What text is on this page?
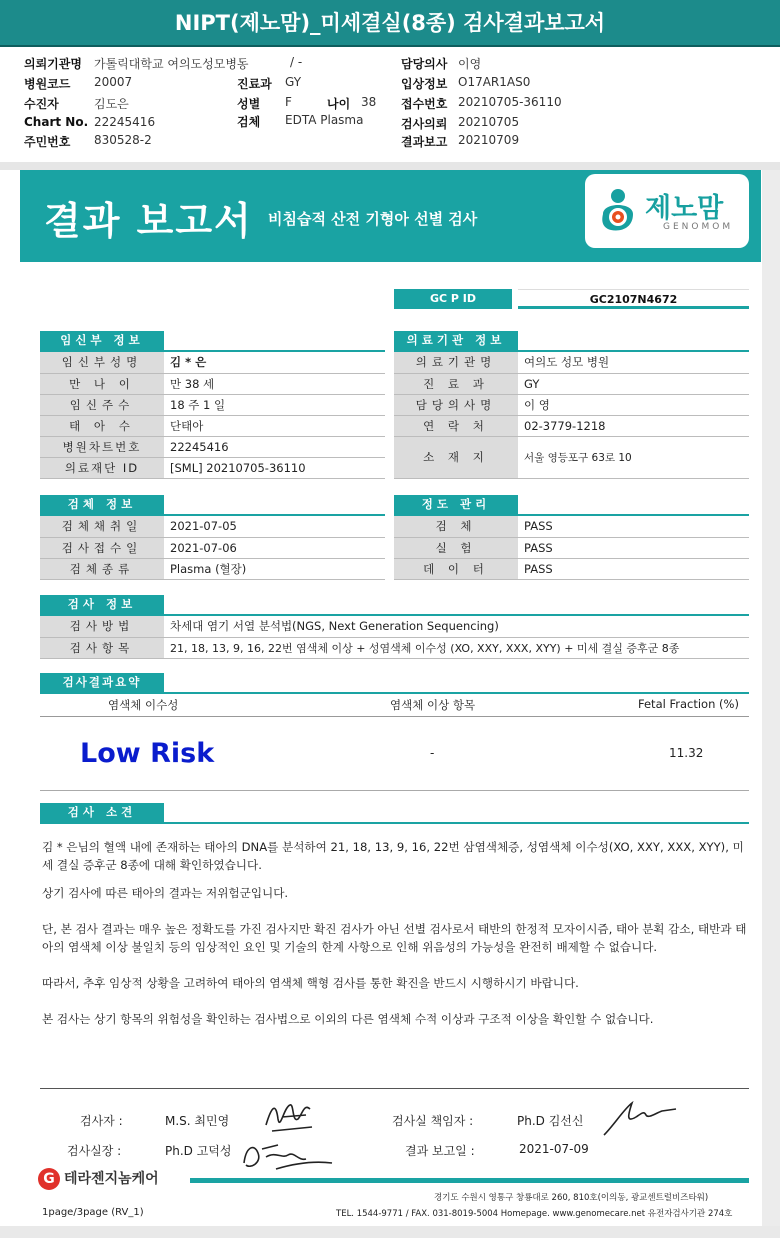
NIPT(제노맘)_미세결실(8종) 검사결과보고서
의뢰기관명 가톨릭대학교 여의도성모병동	/ -	담당의사 이영
병원코드 20007	진료과 GY	입상정보 O17AR1AS0
수진자	김도은	성별 F	나이 38 접수번호 20210705-36110
Chart No. 22245416	검체 EDTA Plasma	검사의뢰 20210705
주민번호 830528-2	결과보고 20210709
결과 보고서 비침습적 산전 기형아 선별 검사	제노맘
GENOMOM
GC P ID	GC2107N4672
임신부 정보
임신부성명	김 * 은
만 나 이	만 38 세
임신주수	18 주 1 일
태 아 수	단태아
병원차트번호	22245416
의료재단 ID	[SML] 20210705-36110
의료기관 정보
의료기관명	여의도 성모 병원
진 료 과	GY
담당의사명	이 영
연 락 처	02-3779-1218
소 재 지	서울 영등포구 63로 10
검체 정보
검체채취일	2021-07-05
검사접수일	2021-07-06
검체종류	Plasma (혈장)
정도 관리
검 체	PASS
실 험	PASS
데 이 터	PASS
검사 정보
검사방법	차세대 염기 서열 분석법(NGS, Next Generation Sequencing)
검사항목	21, 18, 13, 9, 16, 22번 염색체 이상 + 성염색체 이수성 (XO, XXY, XXX, XYY) + 미세 결실 증후군 8종
검사결과요약
염색체 이수성	염색체 이상 항목	Fetal Fraction (%)
Low Risk	-	11.32
검사 소견

김 * 은님의 혈액 내에 존재하는 태아의 DNA를 분석하여 21, 18, 13, 9, 16, 22번 삼염색체증, 성염색체 이수성(XO, XXY, XXX, XYY), 미세 결실 증후군 8종에 대해 확인하였습니다.

상기 검사에 따른 태아의 결과는 저위험군입니다.

단, 본 검사 결과는 매우 높은 정확도를 가진 검사지만 확진 검사가 아닌 선별 검사로서 태반의 한정적 모자이시즘, 태아 분획 감소, 태반과 태아의 염색체 이상 불일치 등의 임상적인 요인 및 기술의 한계 사항으로 인해 위음성의 가능성을 완전히 배제할 수 없습니다.

따라서, 추후 임상적 상황을 고려하여 태아의 염색체 핵형 검사를 통한 확진을 반드시 시행하시기 바랍니다.

본 검사는 상기 항목의 위험성을 확인하는 검사법으로 이외의 다른 염색체 수적 이상과 구조적 이상을 확인할 수 없습니다.

검사자 :	M.S. 최민영	검사실 책임자 :	Ph.D 김선신
검사실장 :	Ph.D 고덕성	결과 보고일 :	2021-07-09
G 테라젠지놈케어
경기도 수원시 영통구 창룡대로 260, 810호(이의동, 광교센트럴비즈타워)
TEL. 1544-9771 / FAX. 031-8019-5004 Homepage. www.genomecare.net 유전자검사기관 274호
1page/3page (RV_1)
